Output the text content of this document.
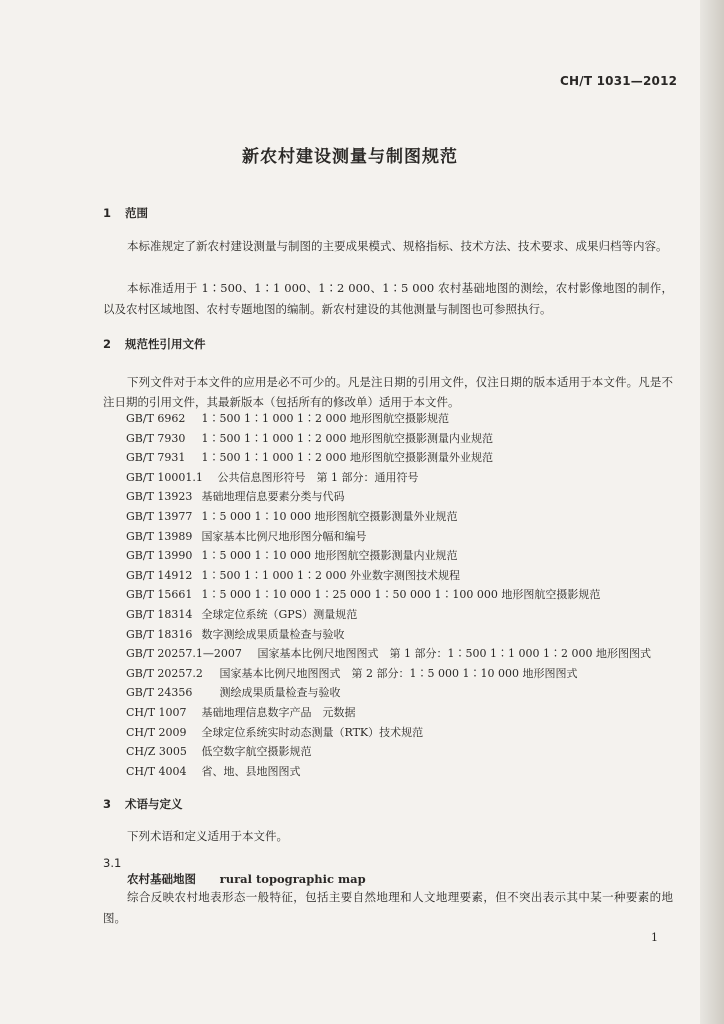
CH/T 1031—2012
新农村建设测量与制图规范
1 范围
本标准规定了新农村建设测量与制图的主要成果模式、规格指标、技术方法、技术要求、成果归档等内容。
本标准适用于 1∶500、1∶1 000、1∶2 000、1∶5 000 农村基础地图的测绘，农村影像地图的制作，以及农村区域地图、农村专题地图的编制。新农村建设的其他测量与制图也可参照执行。
2 规范性引用文件
下列文件对于本文件的应用是必不可少的。凡是注日期的引用文件，仅注日期的版本适用于本文件。凡是不注日期的引用文件，其最新版本（包括所有的修改单）适用于本文件。
GB/T 6962 1∶500 1∶1 000 1∶2 000 地形图航空摄影规范
GB/T 7930 1∶500 1∶1 000 1∶2 000 地形图航空摄影测量内业规范
GB/T 7931 1∶500 1∶1 000 1∶2 000 地形图航空摄影测量外业规范
GB/T 10001.1 公共信息图形符号　第 1 部分：通用符号
GB/T 13923 基础地理信息要素分类与代码
GB/T 13977 1∶5 000 1∶10 000 地形图航空摄影测量外业规范
GB/T 13989 国家基本比例尺地形图分幅和编号
GB/T 13990 1∶5 000 1∶10 000 地形图航空摄影测量内业规范
GB/T 14912 1∶500 1∶1 000 1∶2 000 外业数字测图技术规程
GB/T 15661 1∶5 000 1∶10 000 1∶25 000 1∶50 000 1∶100 000 地形图航空摄影规范
GB/T 18314 全球定位系统（GPS）测量规范
GB/T 18316 数字测绘成果质量检查与验收
GB/T 20257.1—2007 国家基本比例尺地图图式　第 1 部分：1∶500 1∶1 000 1∶2 000 地形图图式
GB/T 20257.2 国家基本比例尺地图图式　第 2 部分：1∶5 000 1∶10 000 地形图图式
GB/T 24356 测绘成果质量检查与验收
CH/T 1007 基础地理信息数字产品　元数据
CH/T 2009 全球定位系统实时动态测量（RTK）技术规范
CH/Z 3005 低空数字航空摄影规范
CH/T 4004 省、地、县地图图式
3 术语与定义
下列术语和定义适用于本文件。
3.1
农村基础地图 rural topographic map
综合反映农村地表形态一般特征，包括主要自然地理和人文地理要素，但不突出表示其中某一种要素的地图。
1
